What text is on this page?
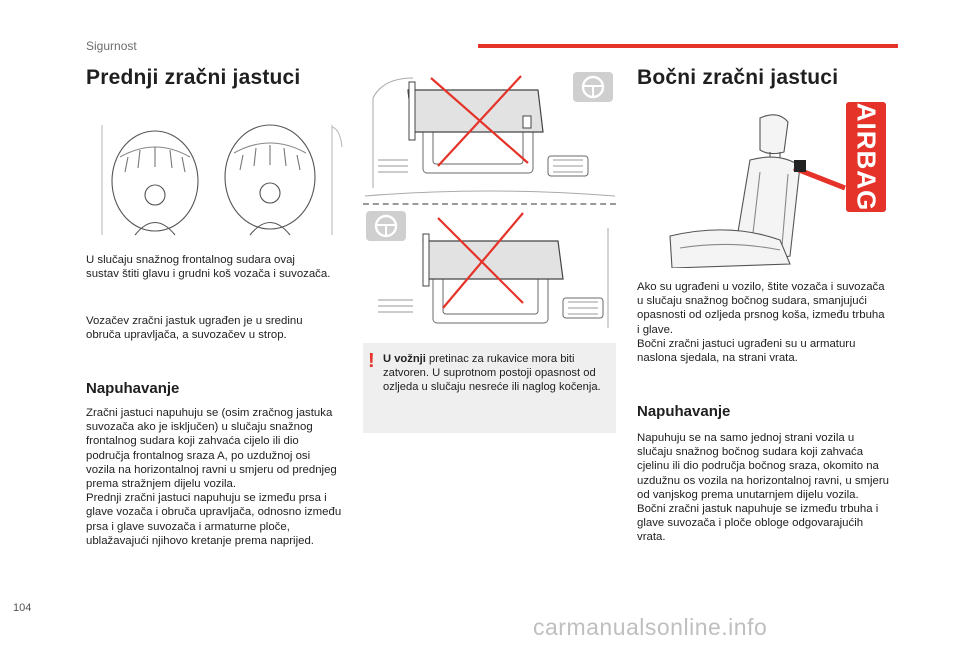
Sigurnost
Prednji zračni jastuci

U slučaju snažnog frontalnog sudara ovaj sustav štiti glavu i grudni koš vozača i suvozača.

Vozačev zračni jastuk ugrađen je u sredinu obruča upravljača, a suvozačev u strop.

Napuhavanje

Zračni jastuci napuhuju se (osim zračnog jastuka suvozača ako je isključen) u slučaju snažnog frontalnog sudara koji zahvaća cijelo ili dio područja frontalnog sraza A, po uzdužnoj osi vozila na horizontalnoj ravni u smjeru od prednjeg prema stražnjem dijelu vozila.
Prednji zračni jastuci napuhuju se između prsa i glave vozača i obruča upravljača, odnosno između prsa i glave suvozača i armaturne ploče, ublažavajući njihovo kretanje prema naprijed.

! U vožnji pretinac za rukavice mora biti zatvoren. U suprotnom postoji opasnost od ozljeda u slučaju nesreće ili naglog kočenja.
Bočni zračni jastuci
AIRBAG

Ako su ugrađeni u vozilo, štite vozača i suvozača u slučaju snažnog bočnog sudara, smanjujući opasnosti od ozljeda prsnog koša, između trbuha i glave.
Bočni zračni jastuci ugrađeni su u armaturu naslona sjedala, na strani vrata.

Napuhavanje

Napuhuju se na samo jednoj strani vozila u slučaju snažnog bočnog sudara koji zahvaća cjelinu ili dio područja bočnog sraza, okomito na uzdužnu os vozila na horizontalnoj ravni, u smjeru od vanjskog prema unutarnjem dijelu vozila.
Bočni zračni jastuk napuhuje se između trbuha i glave suvozača i ploče obloge odgovarajućih vrata.

104
carmanualsonline.info
